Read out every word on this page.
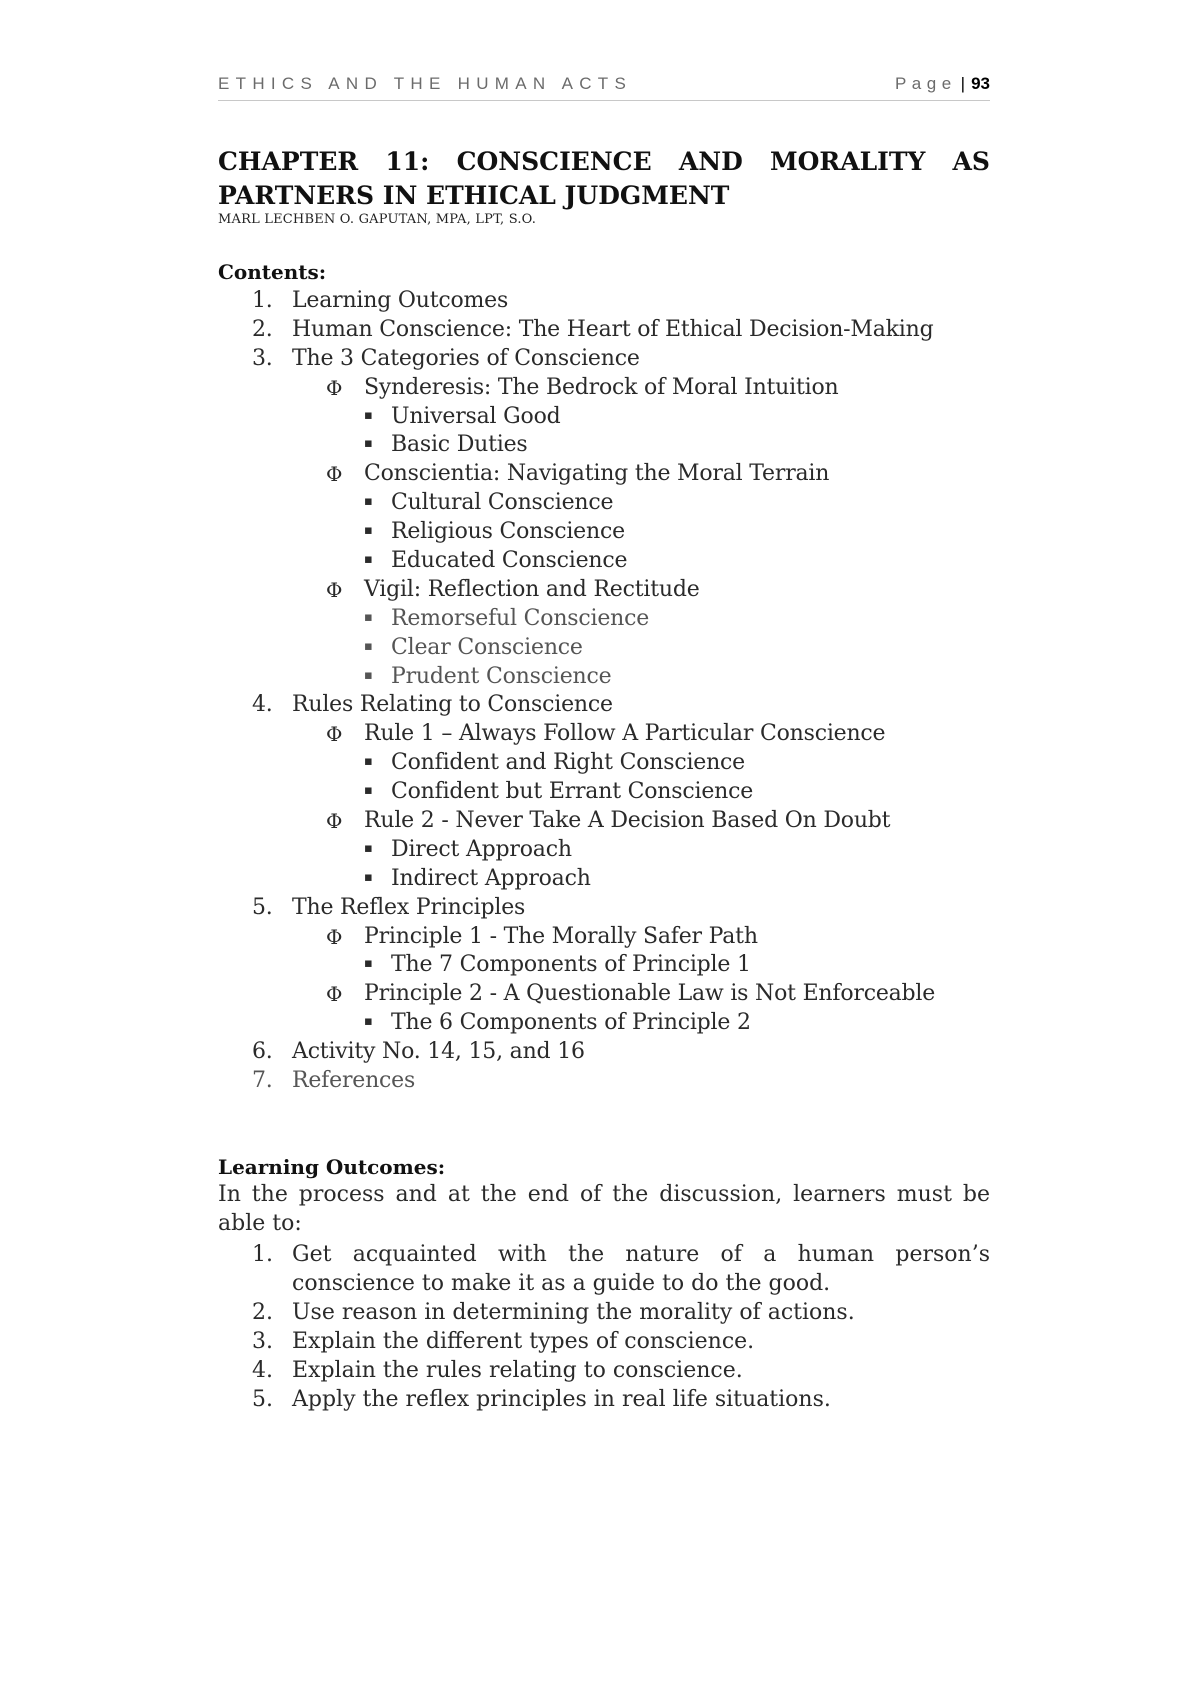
ETHICS AND THE HUMAN ACTS	Page | 93
CHAPTER 11: CONSCIENCE AND MORALITY AS PARTNERS IN ETHICAL JUDGMENT
MARL LECHBEN O. GAPUTAN, MPA, LPT, S.O.
Contents:
1. Learning Outcomes
2. Human Conscience: The Heart of Ethical Decision-Making
3. The 3 Categories of Conscience
Φ Synderesis: The Bedrock of Moral Intuition
▪ Universal Good
▪ Basic Duties
Φ Conscientia: Navigating the Moral Terrain
▪ Cultural Conscience
▪ Religious Conscience
▪ Educated Conscience
Φ Vigil: Reflection and Rectitude
▪ Remorseful Conscience
▪ Clear Conscience
▪ Prudent Conscience
4. Rules Relating to Conscience
Φ Rule 1 – Always Follow A Particular Conscience
▪ Confident and Right Conscience
▪ Confident but Errant Conscience
Φ Rule 2 - Never Take A Decision Based On Doubt
▪ Direct Approach
▪ Indirect Approach
5. The Reflex Principles
Φ Principle 1 - The Morally Safer Path
▪ The 7 Components of Principle 1
Φ Principle 2 - A Questionable Law is Not Enforceable
▪ The 6 Components of Principle 2
6. Activity No. 14, 15, and 16
7. References
Learning Outcomes:

In the process and at the end of the discussion, learners must be able to:

1. Get acquainted with the nature of a human person’s conscience to make it as a guide to do the good.
2. Use reason in determining the morality of actions.
3. Explain the different types of conscience.
4. Explain the rules relating to conscience.
5. Apply the reflex principles in real life situations.
